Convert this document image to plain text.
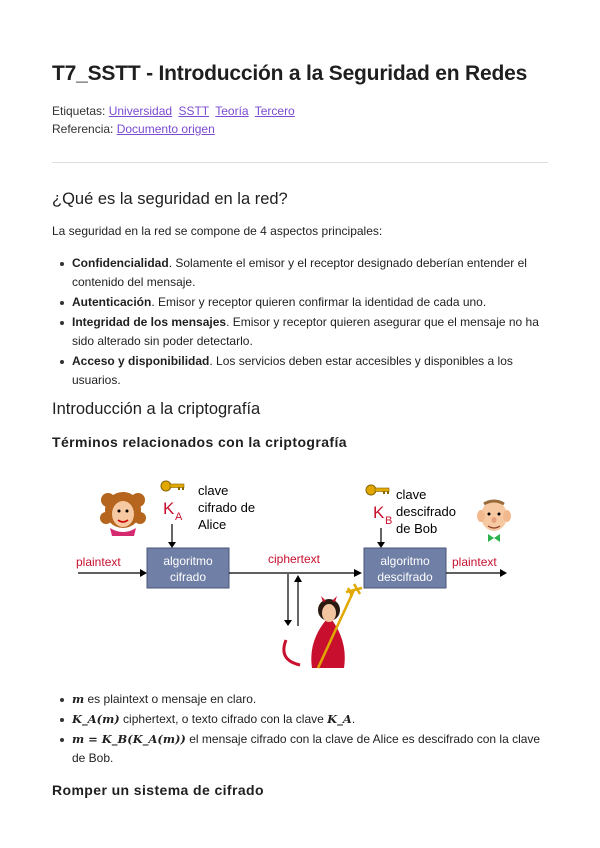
T7_SSTT - Introducción a la Seguridad en Redes
Etiquetas: Universidad SSTT Teoría Tercero
Referencia: Documento origen
¿Qué es la seguridad en la red?

La seguridad en la red se compone de 4 aspectos principales:

Confidencialidad. Solamente el emisor y el receptor designado deberían entender el contenido del mensaje.
Autenticación. Emisor y receptor quieren confirmar la identidad de cada uno.
Integridad de los mensajes. Emisor y receptor quieren asegurar que el mensaje no ha sido alterado sin poder detectarlo.
Acceso y disponibilidad. Los servicios deben estar accesibles y disponibles a los usuarios.
Introducción a la criptografía
Términos relacionados con la criptografía
K A
clave
cifrado de
Alice
algoritmo
cifrado
plaintext	ciphertext
K B
clave
descifrado
de Bob
algoritmo
descifrado
plaintext
m es plaintext o mensaje en claro.
K_A(m) ciphertext, o texto cifrado con la clave K_A.
m = K_B(K_A(m)) el mensaje cifrado con la clave de Alice es descifrado con la clave de Bob.
Romper un sistema de cifrado
